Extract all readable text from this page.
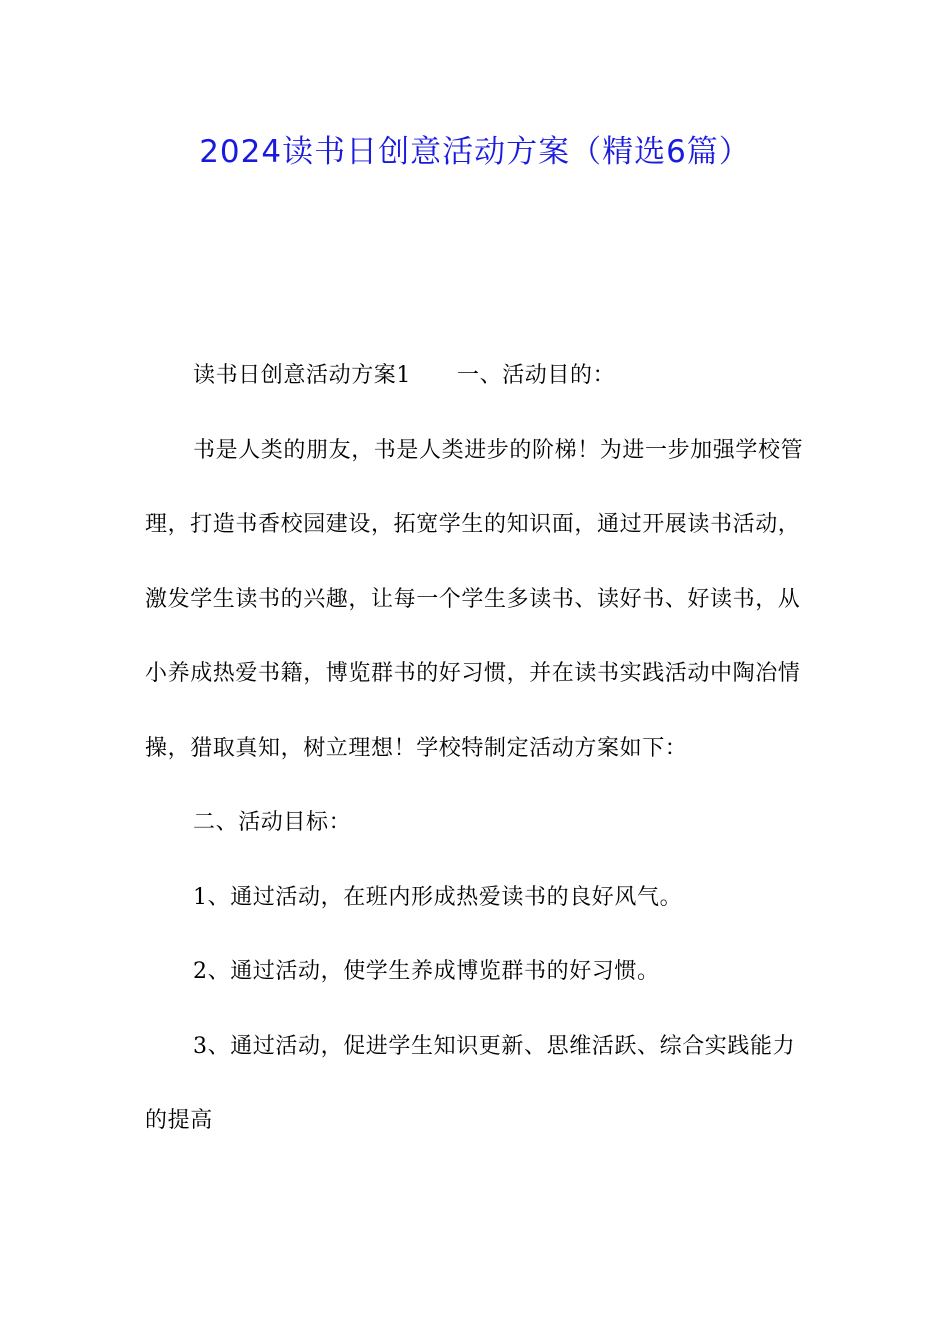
2024读书日创意活动方案（精选6篇）

读书日创意活动方案1 一、活动目的：

书是人类的朋友，书是人类进步的阶梯！为进一步加强学校管理，打造书香校园建设，拓宽学生的知识面，通过开展读书活动，激发学生读书的兴趣，让每一个学生多读书、读好书、好读书，从小养成热爱书籍，博览群书的好习惯，并在读书实践活动中陶冶情操，猎取真知，树立理想！学校特制定活动方案如下：

二、活动目标：

1、通过活动，在班内形成热爱读书的良好风气。

2、通过活动，使学生养成博览群书的好习惯。

3、通过活动，促进学生知识更新、思维活跃、综合实践能力的提高
